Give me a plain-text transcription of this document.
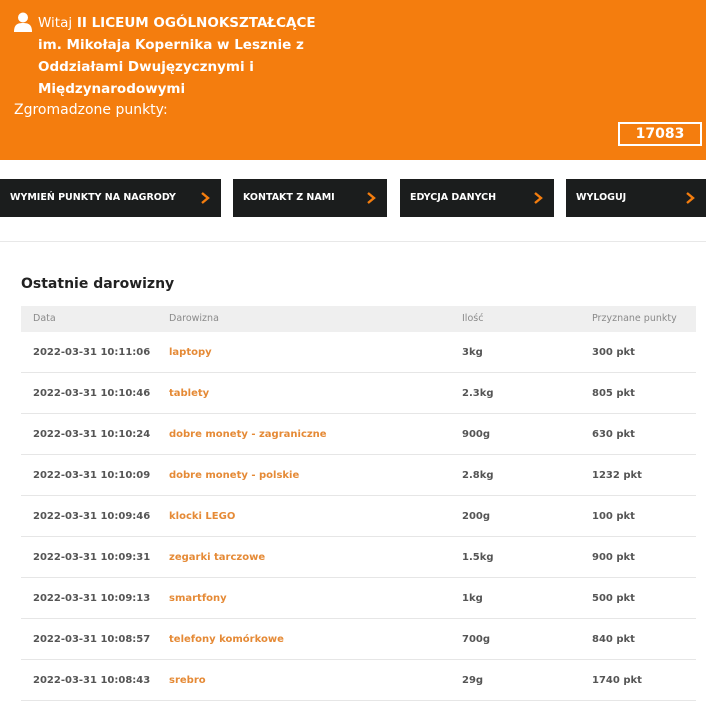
Witaj II LICEUM OGÓLNOKSZTAŁCĄCE
im. Mikołaja Kopernika w Lesznie z
Oddziałami Dwujęzycznymi i
Międzynarodowymi
Zgromadzone punkty:
17083
WYMIEŃ PUNKTY NA NAGRODY	KONTAKT Z NAMI	EDYCJA DANYCH	WYLOGUJ
Ostatnie darowizny
Data	Darowizna	Ilość	Przyznane punkty
2022-03-31 10:11:06 laptopy	3kg	300 pkt
2022-03-31 10:10:46 tablety	2.3kg	805 pkt
2022-03-31 10:10:24 dobre monety - zagraniczne	900g	630 pkt
2022-03-31 10:10:09 dobre monety - polskie	2.8kg	1232 pkt
2022-03-31 10:09:46 klocki LEGO	200g	100 pkt
2022-03-31 10:09:31 zegarki tarczowe	1.5kg	900 pkt
2022-03-31 10:09:13 smartfony	1kg	500 pkt
2022-03-31 10:08:57 telefony komórkowe	700g	840 pkt
2022-03-31 10:08:43 srebro	29g	1740 pkt
